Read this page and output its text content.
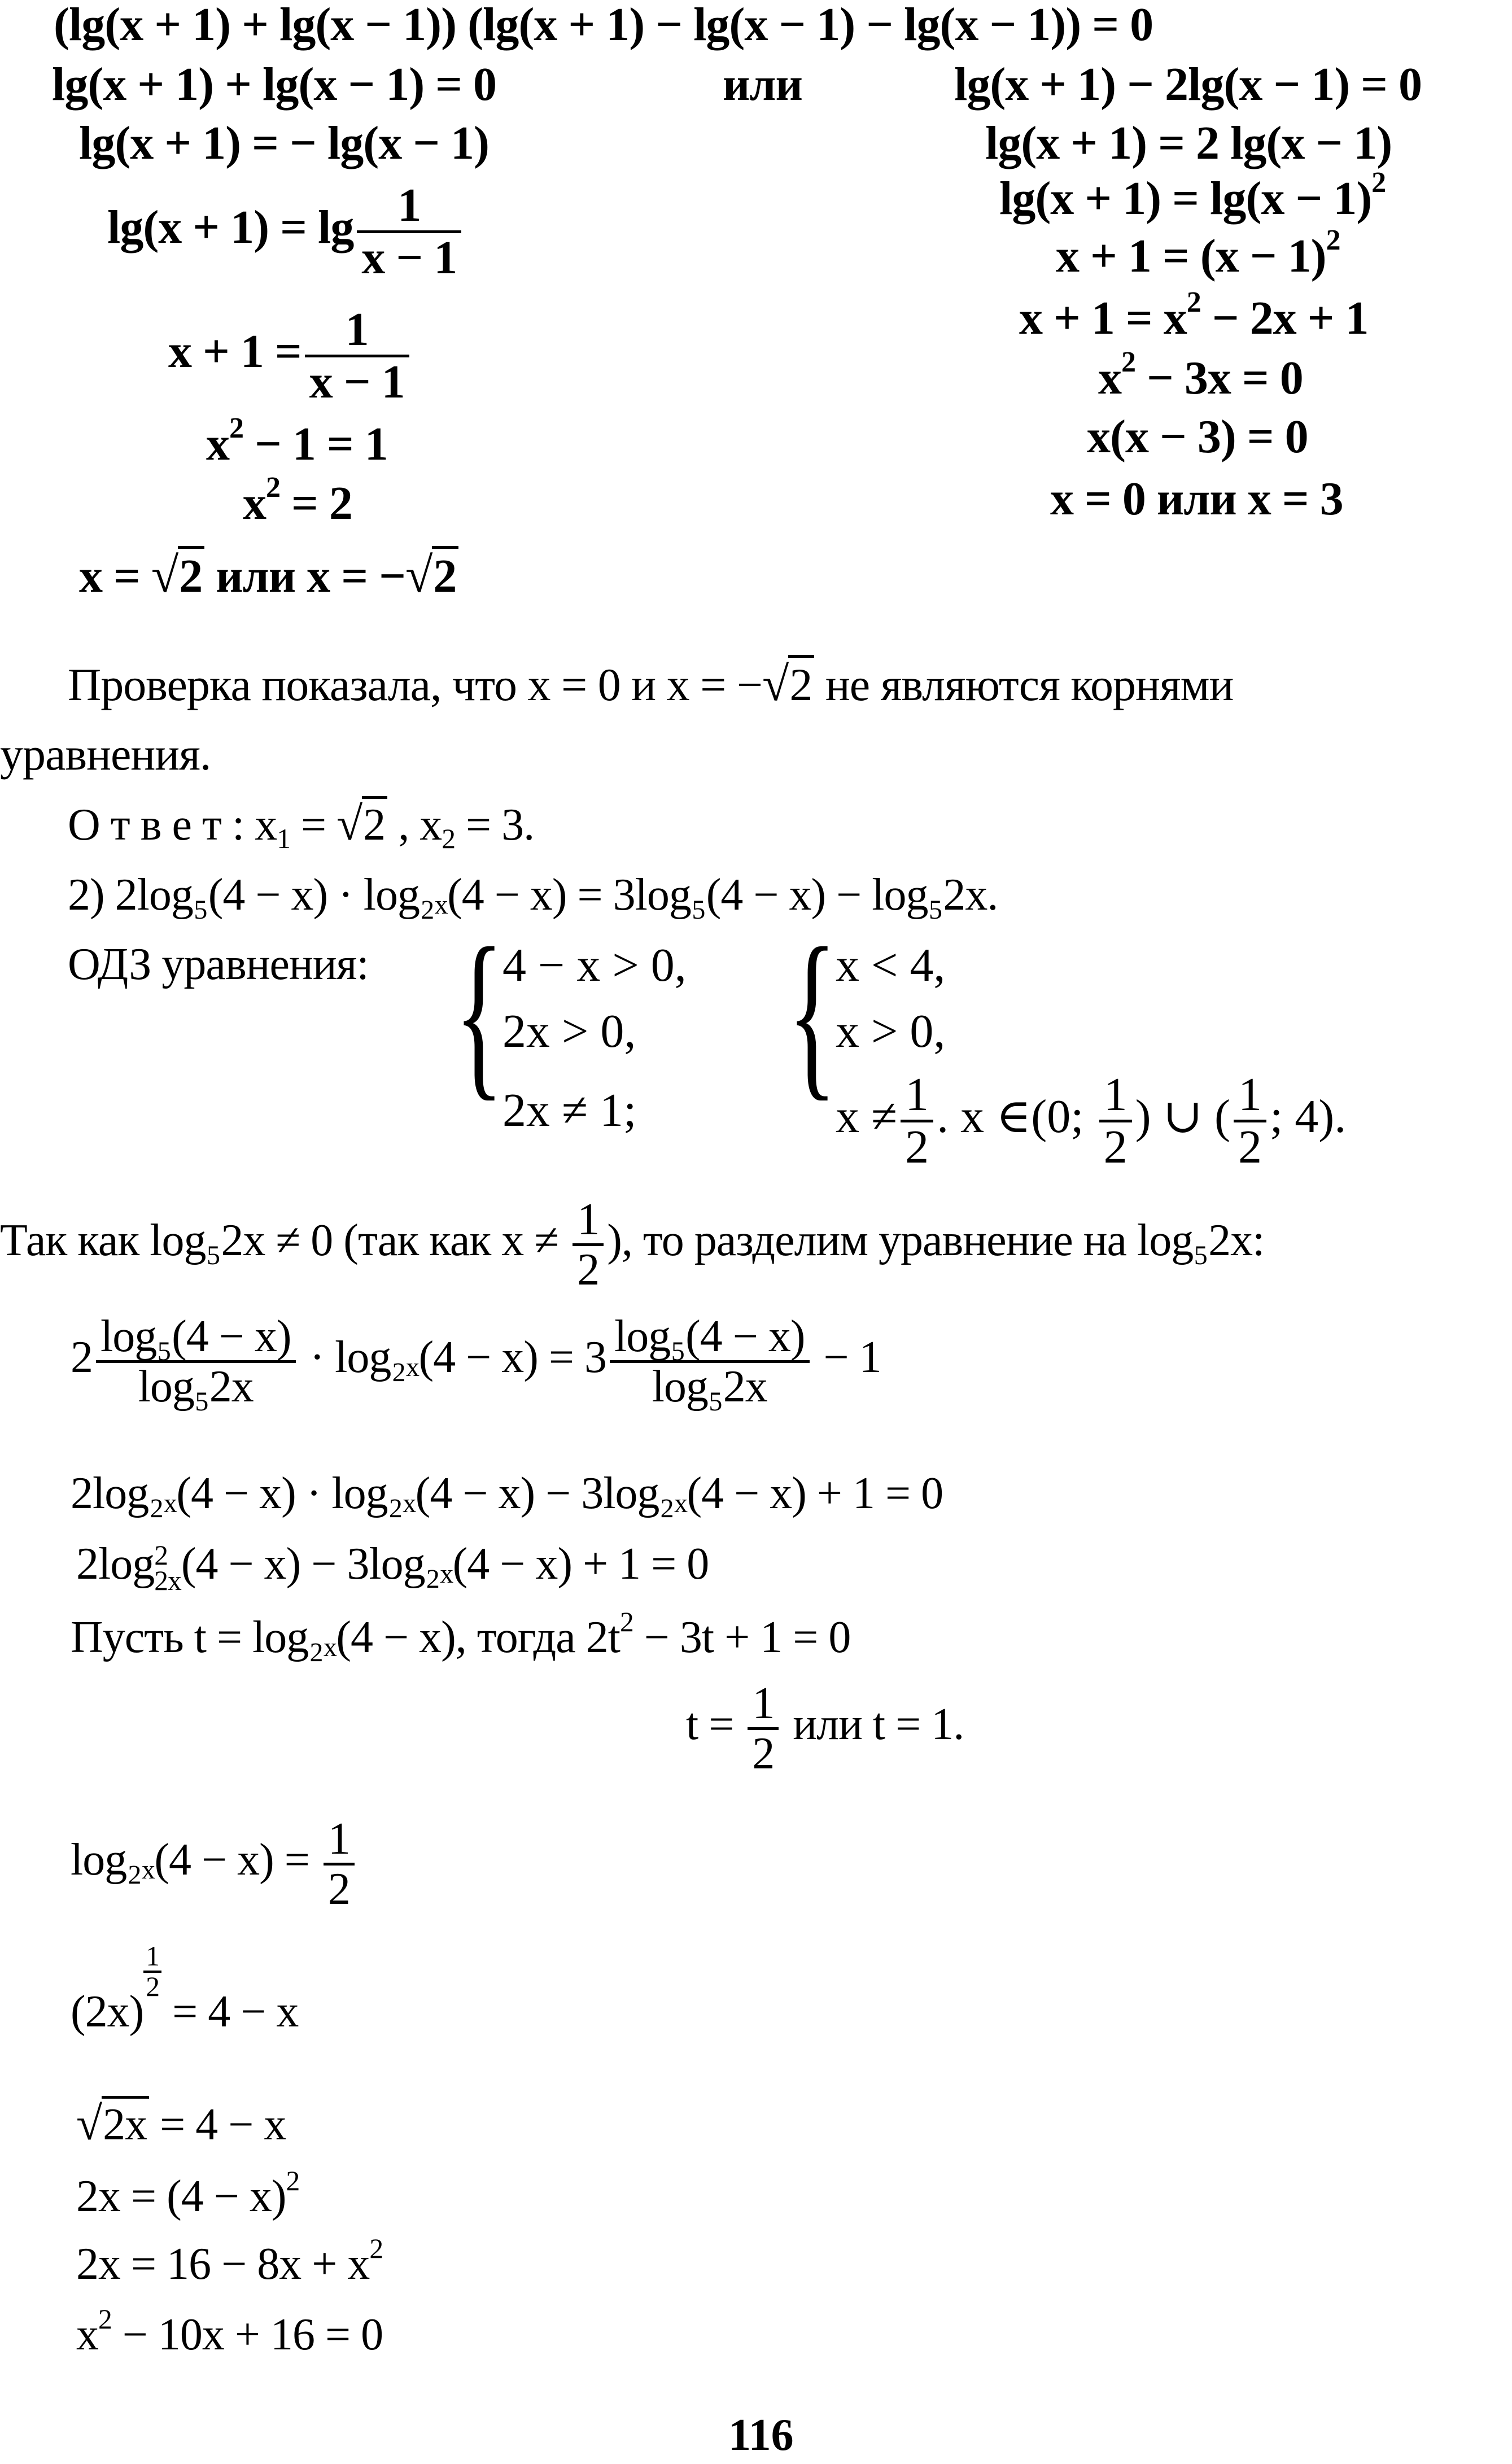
(lg(x + 1) + lg(x − 1)) (lg(x + 1) − lg(x − 1) − lg(x − 1)) = 0
lg(x + 1) + lg(x − 1) = 0	или	lg(x + 1) − 2lg(x − 1) = 0
lg(x + 1) = − lg(x − 1)	lg(x + 1) = 2 lg(x − 1)
$\lg(x + 1) = \lg \frac{1}{x - 1}$	$\lg(x + 1) = \lg(x - 1)^2$
$x + 1 = (x - 1)^2$
$x + 1 = \frac{1}{x - 1}$	$x + 1 = x^2 - 2x + 1$
$x^2 - 3x = 0$
$x^2 - 1 = 1$	x(x − 3) = 0
$x^2 = 2$	x = 0 или x = 3
x = √2 или x = −√2
Проверка показала, что x = 0 и x = −√2 не являются корнями
уравнения.
О т в е т : $x_1 = √2$ , $x_2 = 3$.
2) 2log₅(4 − x) · log₂ₓ(4 − x) = 3log₅(4 − x) − log₅2x.
ОДЗ уравнения: {
4 − x > 0,
2x > 0,
2x ≠ 1; {
x < 4,
x > 0,
$x \ne \frac{1}{2}$ . x ∈(0; $\frac{1}{2}$ ) ∪ ( $\frac{1}{2}$ ; 4).
Так как log₅2x ≠ 0 (так как $x \ne \frac{1}{2}$ ), то разделим уравнение на log₅2x:
$2 \frac{\text{log₅(4 − x)}}{\text{log₅2x}} \cdot \log_{2x}(4 - x) = 3 \frac{\text{log₅(4 − x)}}{\text{log₅2x}} - 1$
2log₂ₓ(4 − x) · log₂ₓ(4 − x) − 3log₂ₓ(4 − x) + 1 = 0
2log 2
2x (4 − x) − 3log₂ₓ(4 − x) + 1 = 0
Пусть t = log₂ₓ(4 − x), тогда $2t^2 - 3t + 1 = 0$
$t = \frac{1}{2}$ или t = 1.
$\log_{2x}(4 - x) = \frac{1}{2}$
(2x)
$\frac{1}{2}$
= 4 − x
√2x = 4 − x
$2x = (4 - x)^2$
$2x = 16 - 8x + x^2$
$x^2 - 10x + 16 = 0$
116
